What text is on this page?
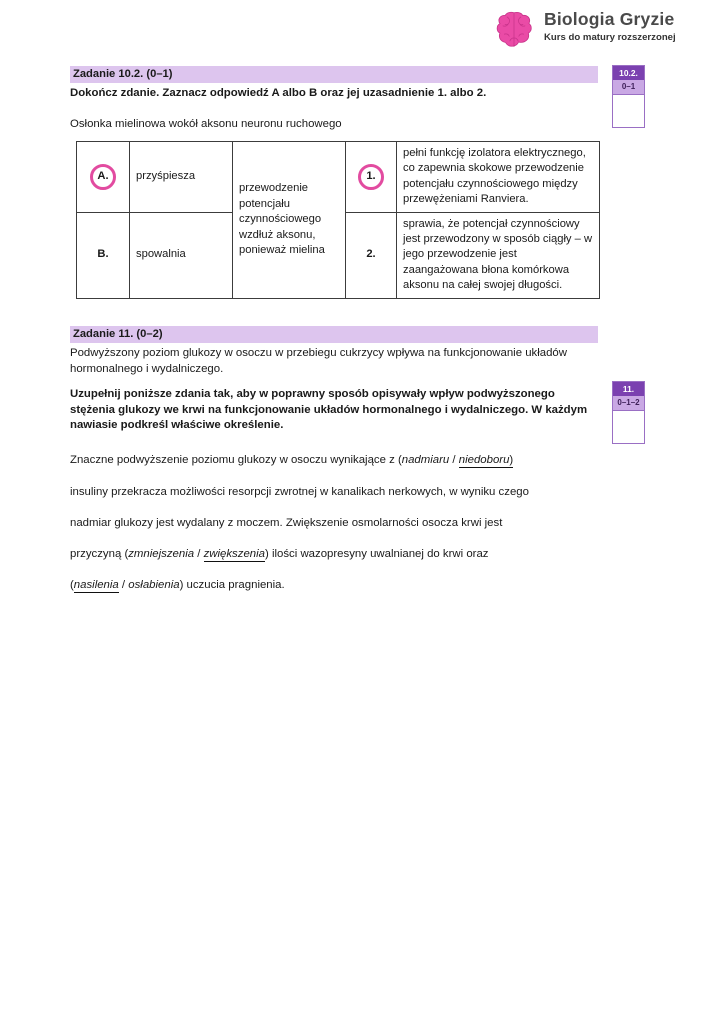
Biologia Gryzie
Kurs do matury rozszerzonej
Zadanie 10.2. (0–1)
Dokończ zdanie. Zaznacz odpowiedź A albo B oraz jej uzasadnienie 1. albo 2.
Osłonka mielinowa wokół aksonu neuronu ruchowego
10.2.
0–1
A.	przyśpiesza	przewodzenie potencjału czynnościowego wzdłuż aksonu, ponieważ mielina	1.	pełni funkcję izolatora elektrycznego, co zapewnia skokowe przewodzenie potencjału czynnościowego między przewężeniami Ranviera.
B.	spowalnia		2.	sprawia, że potencjał czynnościowy jest przewodzony w sposób ciągły – w jego przewodzenie jest zaangażowana błona komórkowa aksonu na całej swojej długości.
Zadanie 11. (0–2)
Podwyższony poziom glukozy w osoczu w przebiegu cukrzycy wpływa na funkcjonowanie układów hormonalnego i wydalniczego.
Uzupełnij poniższe zdania tak, aby w poprawny sposób opisywały wpływ podwyższonego stężenia glukozy we krwi na funkcjonowanie układów hormonalnego i wydalniczego. W każdym nawiasie podkreśl właściwe określenie.
11.
0–1–2
Znaczne podwyższenie poziomu glukozy w osoczu wynikające z (nadmiaru / niedoboru)
insuliny przekracza możliwości resorpcji zwrotnej w kanalikach nerkowych, w wyniku czego
nadmiar glukozy jest wydalany z moczem. Zwiększenie osmolarności osocza krwi jest
przyczyną (zmniejszenia / zwiększenia) ilości wazopresyny uwalnianej do krwi oraz
(nasilenia / osłabienia) uczucia pragnienia.
